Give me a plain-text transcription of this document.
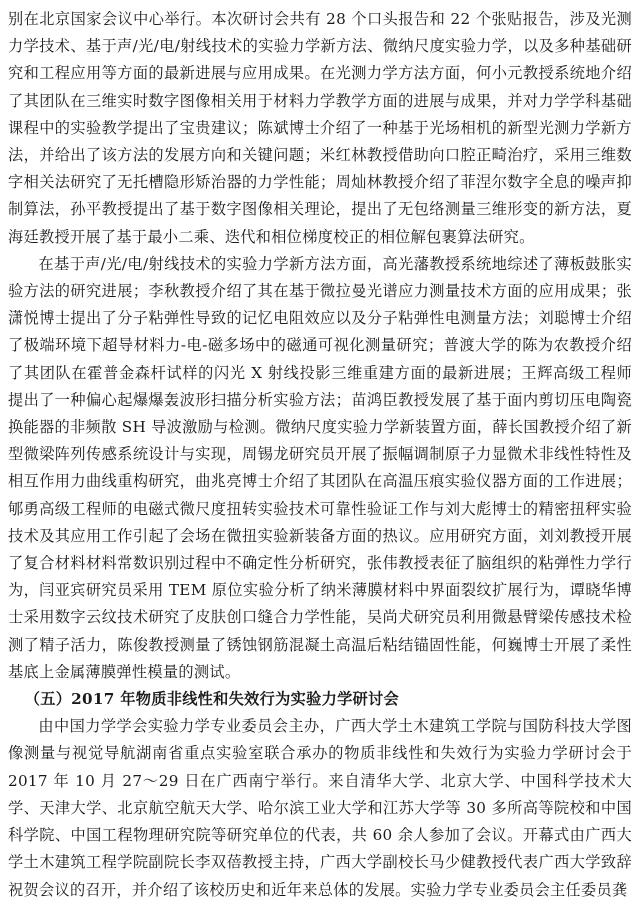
别在北京国家会议中心举行。本次研讨会共有 28 个口头报告和 22 个张贴报告，涉及光测力学技术、基于声/光/电/射线技术的实验力学新方法、微纳尺度实验力学，以及多种基础研究和工程应用等方面的最新进展与应用成果。在光测力学方法方面，何小元教授系统地介绍了其团队在三维实时数字图像相关用于材料力学教学方面的进展与成果，并对力学学科基础课程中的实验教学提出了宝贵建议；陈斌博士介绍了一种基于光场相机的新型光测力学新方法，并给出了该方法的发展方向和关键问题；米红林教授借助向口腔正畸治疗，采用三维数字相关法研究了无托槽隐形矫治器的力学性能；周灿林教授介绍了菲涅尔数字全息的噪声抑制算法，孙平教授提出了基于数字图像相关理论，提出了无包络测量三维形变的新方法，夏海廷教授开展了基于最小二乘、迭代和相位梯度校正的相位解包裹算法研究。

在基于声/光/电/射线技术的实验力学新方法方面，高光藩教授系统地综述了薄板鼓胀实验方法的研究进展；李秋教授介绍了其在基于微拉曼光谱应力测量技术方面的应用成果；张潇悦博士提出了分子粘弹性导致的记忆电阻效应以及分子粘弹性电测量方法；刘聪博士介绍了极端环境下超导材料力-电-磁多场中的磁通可视化测量研究；普渡大学的陈为农教授介绍了其团队在霍普金森杆试样的闪光 X 射线投影三维重建方面的最新进展；王辉高级工程师提出了一种偏心起爆爆轰波形扫描分析实验方法；苗鸿臣教授发展了基于面内剪切压电陶瓷换能器的非频散 SH 导波激励与检测。微纳尺度实验力学新装置方面，薛长国教授介绍了新型微梁阵列传感系统设计与实现，周锡龙研究员开展了振幅调制原子力显微术非线性特性及相互作用力曲线重构研究，曲兆亮博士介绍了其团队在高温压痕实验仪器方面的工作进展；郇勇高级工程师的电磁式微尺度扭转实验技术可靠性验证工作与刘大彪博士的精密扭秤实验技术及其应用工作引起了会场在微扭实验新装备方面的热议。应用研究方面，刘刘教授开展了复合材料材料常数识别过程中不确定性分析研究，张伟教授表征了脑组织的粘弹性力学行为，闫亚宾研究员采用 TEM 原位实验分析了纳米薄膜材料中界面裂纹扩展行为，谭晓华博士采用数字云纹技术研究了皮肤创口缝合力学性能，吴尚犬研究员利用微悬臂梁传感技术检测了精子活力，陈俊教授测量了锈蚀钢筋混凝土高温后粘结锚固性能，何巍博士开展了柔性基底上金属薄膜弹性模量的测试。

（五）2017 年物质非线性和失效行为实验力学研讨会

由中国力学学会实验力学专业委员会主办，广西大学土木建筑工学院与国防科技大学图像测量与视觉导航湖南省重点实验室联合承办的物质非线性和失效行为实验力学研讨会于 2017 年 10 月 27～29 日在广西南宁举行。来自清华大学、北京大学、中国科学技术大学、天津大学、北京航空航天大学、哈尔滨工业大学和江苏大学等 30 多所高等院校和中国科学院、中国工程物理研究院等研究单位的代表，共 60 余人参加了会议。开幕式由广西大学土木建筑工程学院副院长李双蓓教授主持，广西大学副校长马少健教授代表广西大学致辞祝贺会议的召开，并介绍了该校历史和近年来总体的发展。实验力学专业委员会主任委员龚
